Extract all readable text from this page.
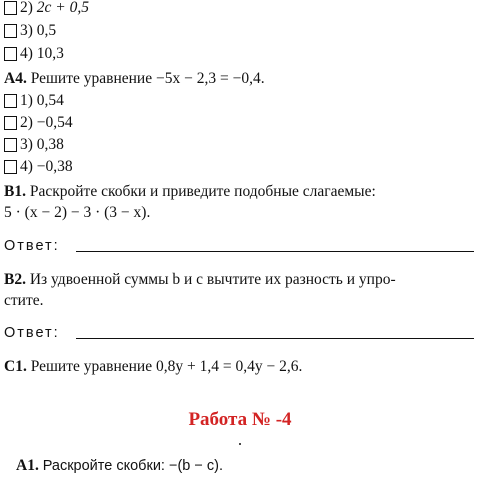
2)
2c + 0,5
3)
0,5
4)
10,3
A4. Решите уравнение −5x − 2,3 = −0,4.
1)
0,54
2)
−0,54
3)
0,38
4)
−0,38
B1. Раскройте скобки и приведите подобные слагаемые:
5 · (x − 2) − 3 · (3 − x).
Ответ:
B2. Из удвоенной суммы b и c вычтите их разность и упро-
стите.
Ответ:
C1. Решите уравнение 0,8y + 1,4 = 0,4y − 2,6.
Работа № -4
A1. Раскройте скобки: −(b − c).
